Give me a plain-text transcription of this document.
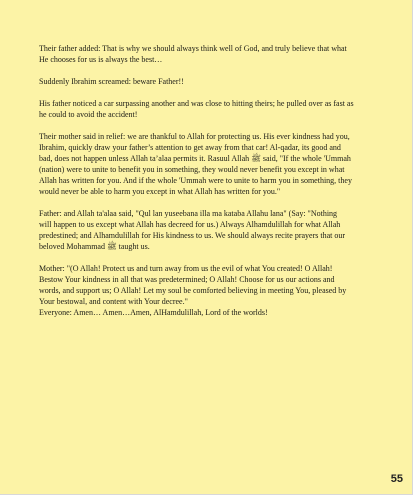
Their father added: That is why we should always think well of God, and truly believe that what
He chooses for us is always the best…

Suddenly Ibrahim screamed: beware Father!!

His father noticed a car surpassing another and was close to hitting theirs; he pulled over as fast as
he could to avoid the accident!

Their mother said in relief: we are thankful to Allah for protecting us. His ever kindness had you,
Ibrahim, quickly draw your father’s attention to get away from that car! Al-qadar, its good and
bad, does not happen unless Allah ta’alaa permits it. Rasuul Allah ﷺ said, "If the whole 'Ummah
(nation) were to unite to benefit you in something, they would never benefit you except in what
Allah has written for you. And if the whole 'Ummah were to unite to harm you in something, they
would never be able to harm you except in what Allah has written for you."

Father: and Allah ta'alaa said, "Qul lan yuseebana illa ma kataba Allahu lana" (Say: "Nothing
will happen to us except what Allah has decreed for us.) Always Alhamdulillah for what Allah
predestined; and Alhamdulillah for His kindness to us. We should always recite prayers that our
beloved Mohammad ﷺ taught us.

Mother: "(O Allah! Protect us and turn away from us the evil of what You created! O Allah!
Bestow Your kindness in all that was predetermined; O Allah! Choose for us our actions and
words, and support us; O Allah! Let my soul be comforted believing in meeting You, pleased by
Your bestowal, and content with Your decree."

Everyone: Amen… Amen…Amen, AlHamdulillah, Lord of the worlds!

55
